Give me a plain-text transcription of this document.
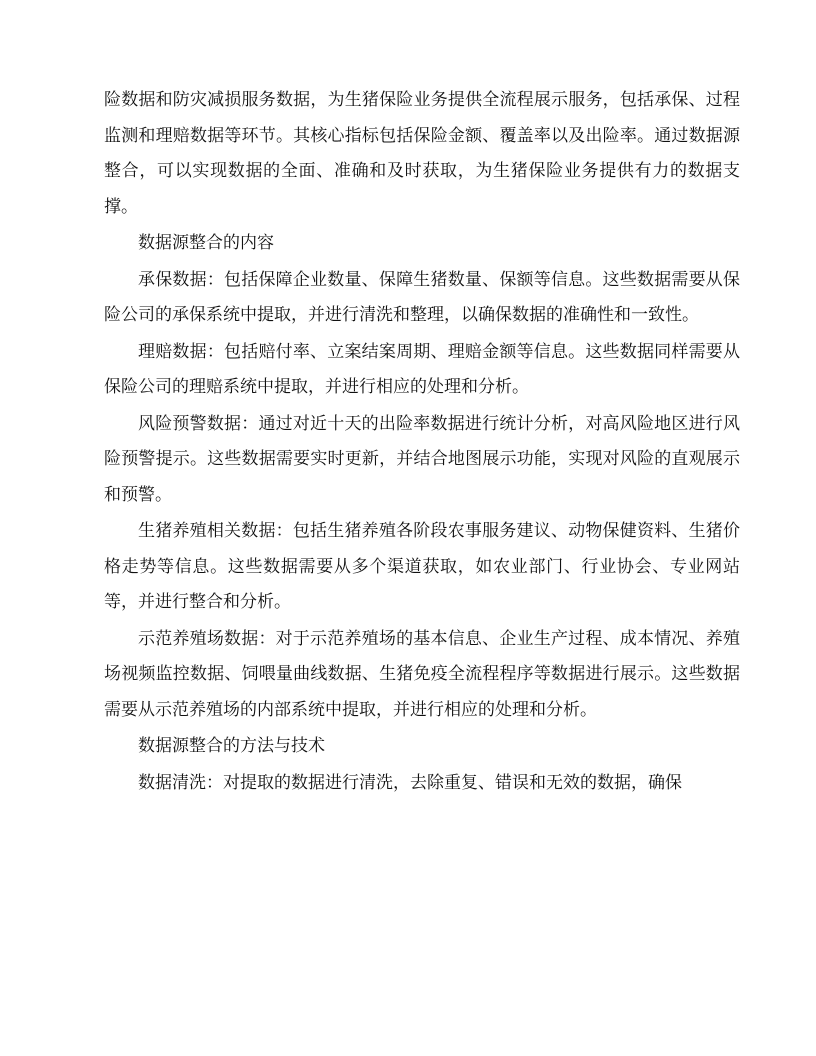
险数据和防灾减损服务数据，为生猪保险业务提供全流程展示服务，包括承保、过程监测和理赔数据等环节。其核心指标包括保险金额、覆盖率以及出险率。通过数据源整合，可以实现数据的全面、准确和及时获取，为生猪保险业务提供有力的数据支撑。

数据源整合的内容

承保数据：包括保障企业数量、保障生猪数量、保额等信息。这些数据需要从保险公司的承保系统中提取，并进行清洗和整理，以确保数据的准确性和一致性。

理赔数据：包括赔付率、立案结案周期、理赔金额等信息。这些数据同样需要从保险公司的理赔系统中提取，并进行相应的处理和分析。

风险预警数据：通过对近十天的出险率数据进行统计分析，对高风险地区进行风险预警提示。这些数据需要实时更新，并结合地图展示功能，实现对风险的直观展示和预警。

生猪养殖相关数据：包括生猪养殖各阶段农事服务建议、动物保健资料、生猪价格走势等信息。这些数据需要从多个渠道获取，如农业部门、行业协会、专业网站等，并进行整合和分析。

示范养殖场数据：对于示范养殖场的基本信息、企业生产过程、成本情况、养殖场视频监控数据、饲喂量曲线数据、生猪免疫全流程程序等数据进行展示。这些数据需要从示范养殖场的内部系统中提取，并进行相应的处理和分析。

数据源整合的方法与技术

数据清洗：对提取的数据进行清洗，去除重复、错误和无效的数据，确保
